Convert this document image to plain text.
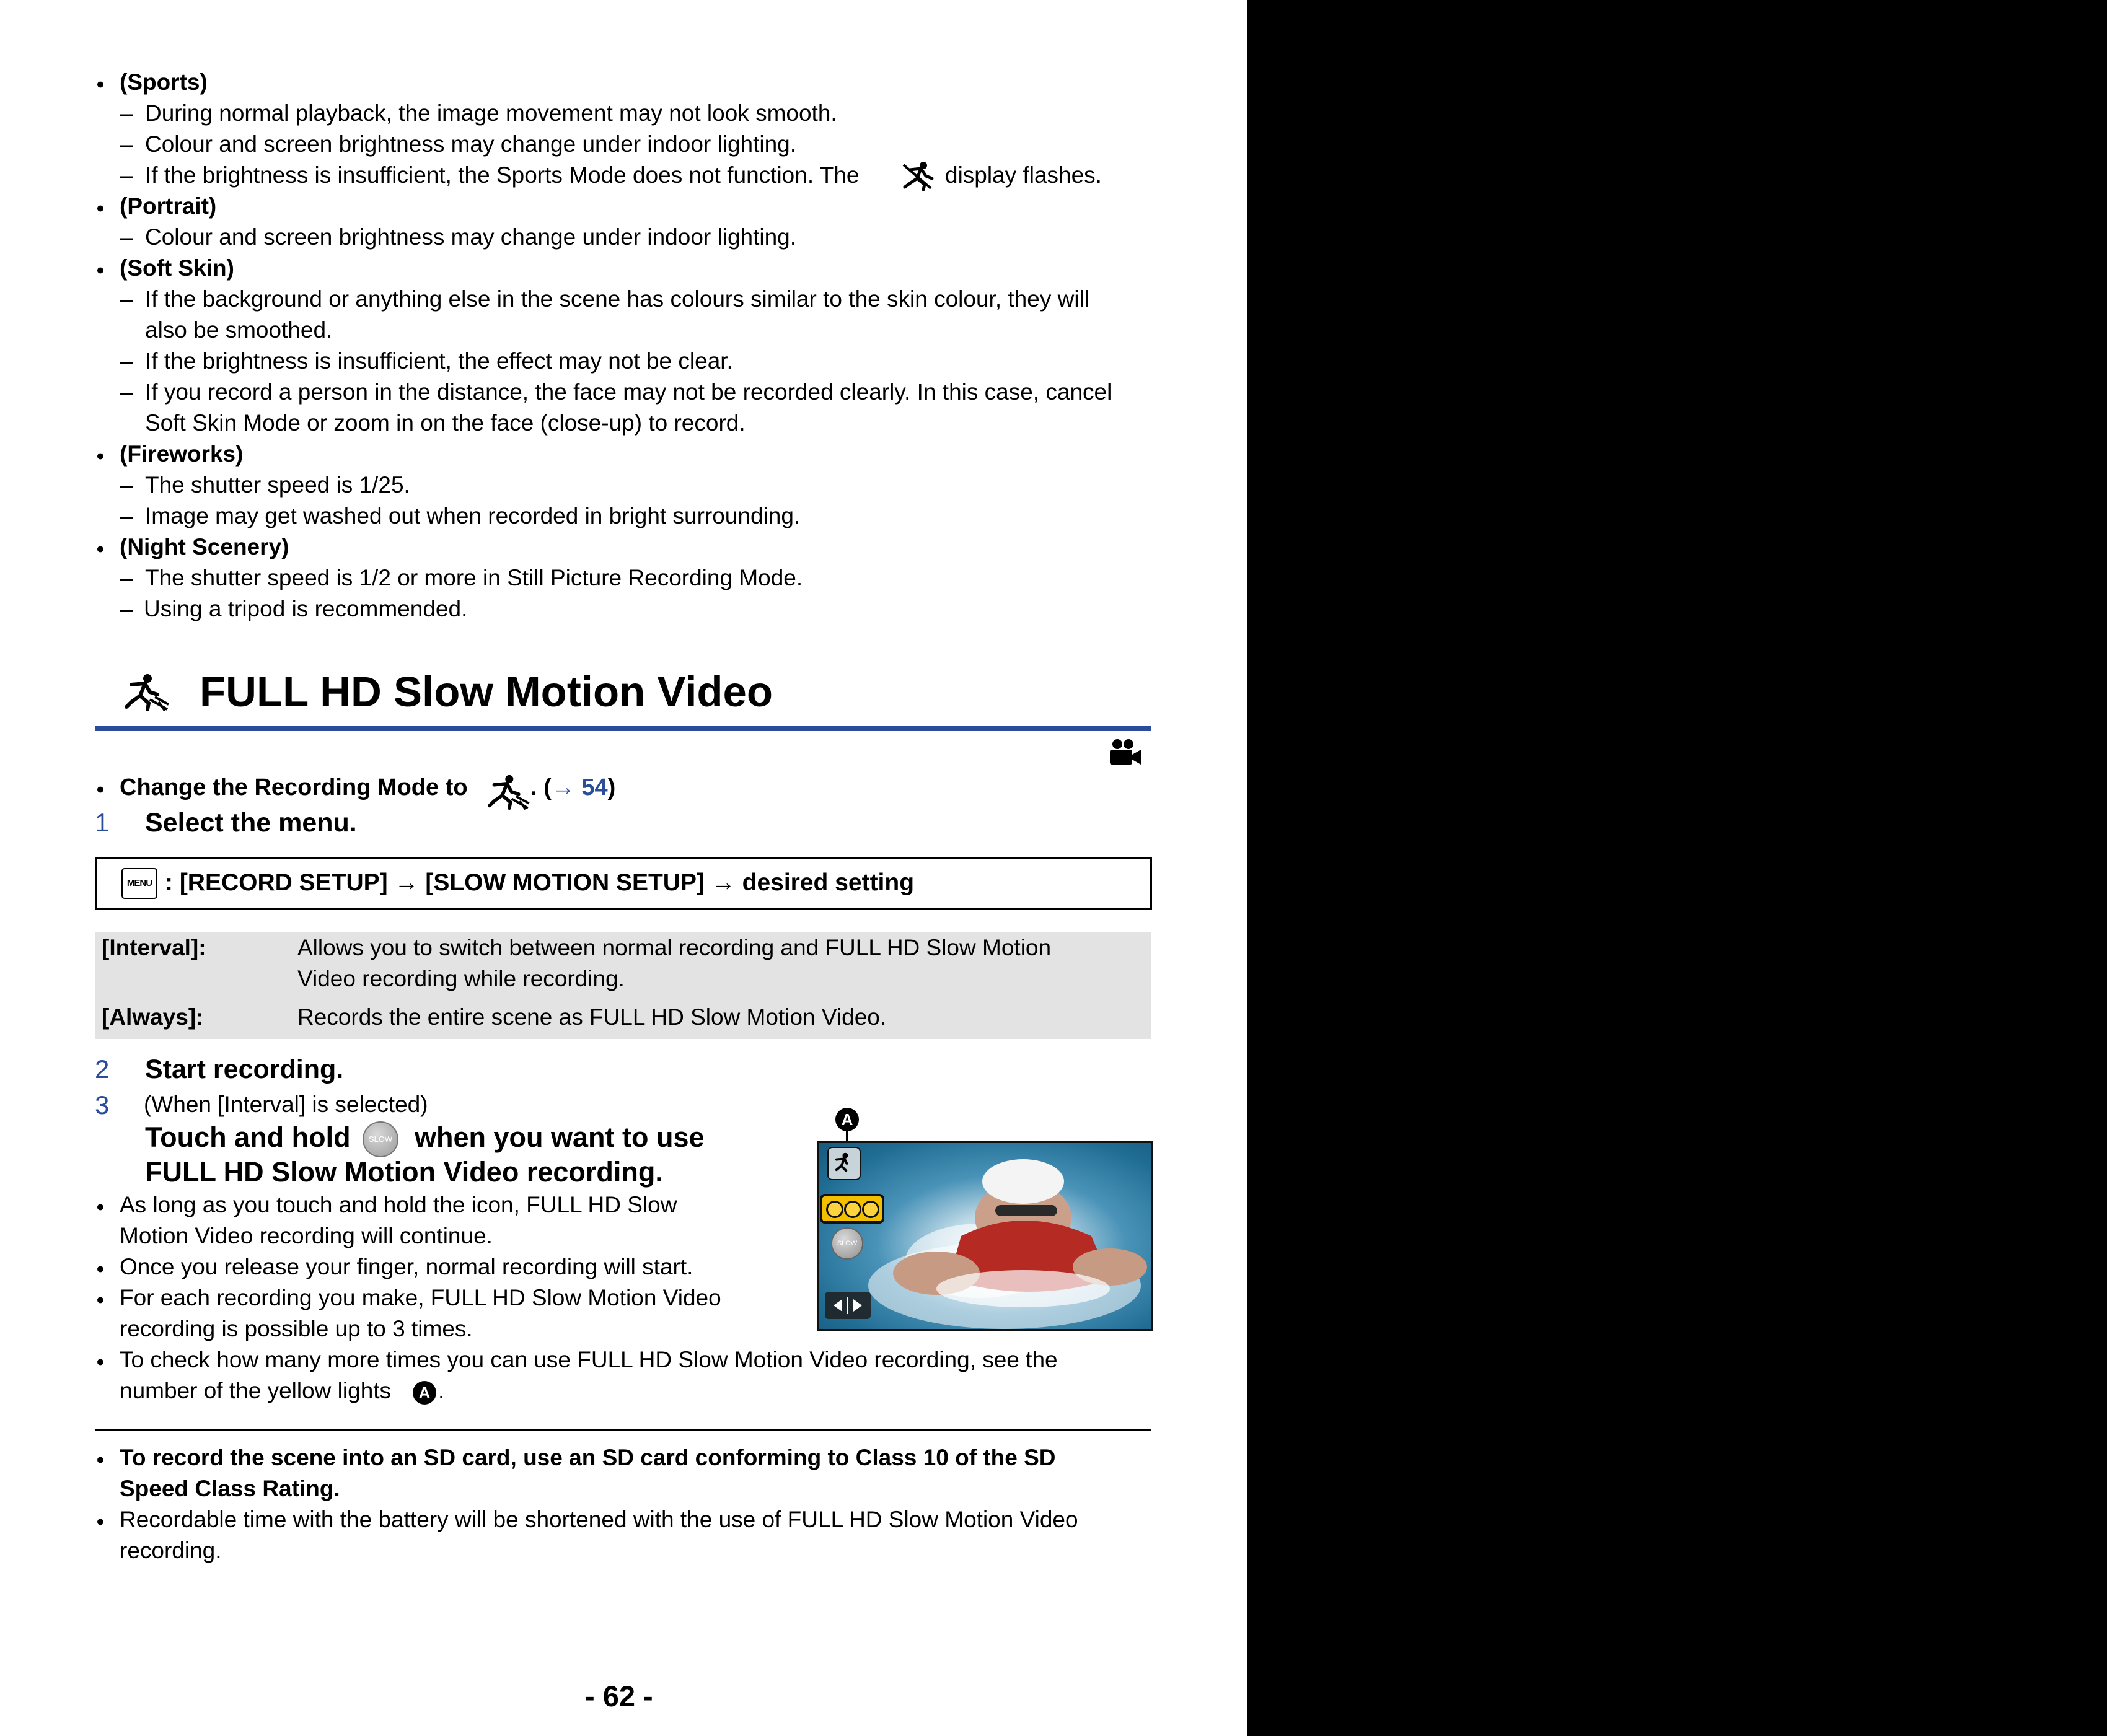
● (Sports)
– During normal playback, the image movement may not look smooth.
– Colour and screen brightness may change under indoor lighting.
– If the brightness is insufficient, the Sports Mode does not function. The	display flashes.
● (Portrait)
– Colour and screen brightness may change under indoor lighting.
● (Soft Skin)
– If the background or anything else in the scene has colours similar to the skin colour, they will
also be smoothed.
– If the brightness is insufficient, the effect may not be clear.
– If you record a person in the distance, the face may not be recorded clearly. In this case, cancel
Soft Skin Mode or zoom in on the face (close-up) to record.
● (Fireworks)
– The shutter speed is 1/25.
– Image may get washed out when recorded in bright surrounding.
● (Night Scenery)
– The shutter speed is 1/2 or more in Still Picture Recording Mode.
– Using a tripod is recommended.
FULL HD Slow Motion Video
● Change the Recording Mode to	. (→ 54)
1 Select the menu.
MENU : [RECORD SETUP] → [SLOW MOTION SETUP] → desired setting
[Interval]:	Allows you to switch between normal recording and FULL HD Slow Motion
Video recording while recording.
[Always]:	Records the entire scene as FULL HD Slow Motion Video.
2 Start recording.
3 (When [Interval] is selected)
Touch and hold	SLOW when you want to use
FULL HD Slow Motion Video recording.
● As long as you touch and hold the icon, FULL HD Slow
Motion Video recording will continue.
● Once you release your finger, normal recording will start.
● For each recording you make, FULL HD Slow Motion Video
recording is possible up to 3 times.
● To check how many more times you can use FULL HD Slow Motion Video recording, see the
number of the yellow lights	A .
A
SLOW
● To record the scene into an SD card, use an SD card conforming to Class 10 of the SD
Speed Class Rating.
● Recordable time with the battery will be shortened with the use of FULL HD Slow Motion Video
recording.
- 62 -
